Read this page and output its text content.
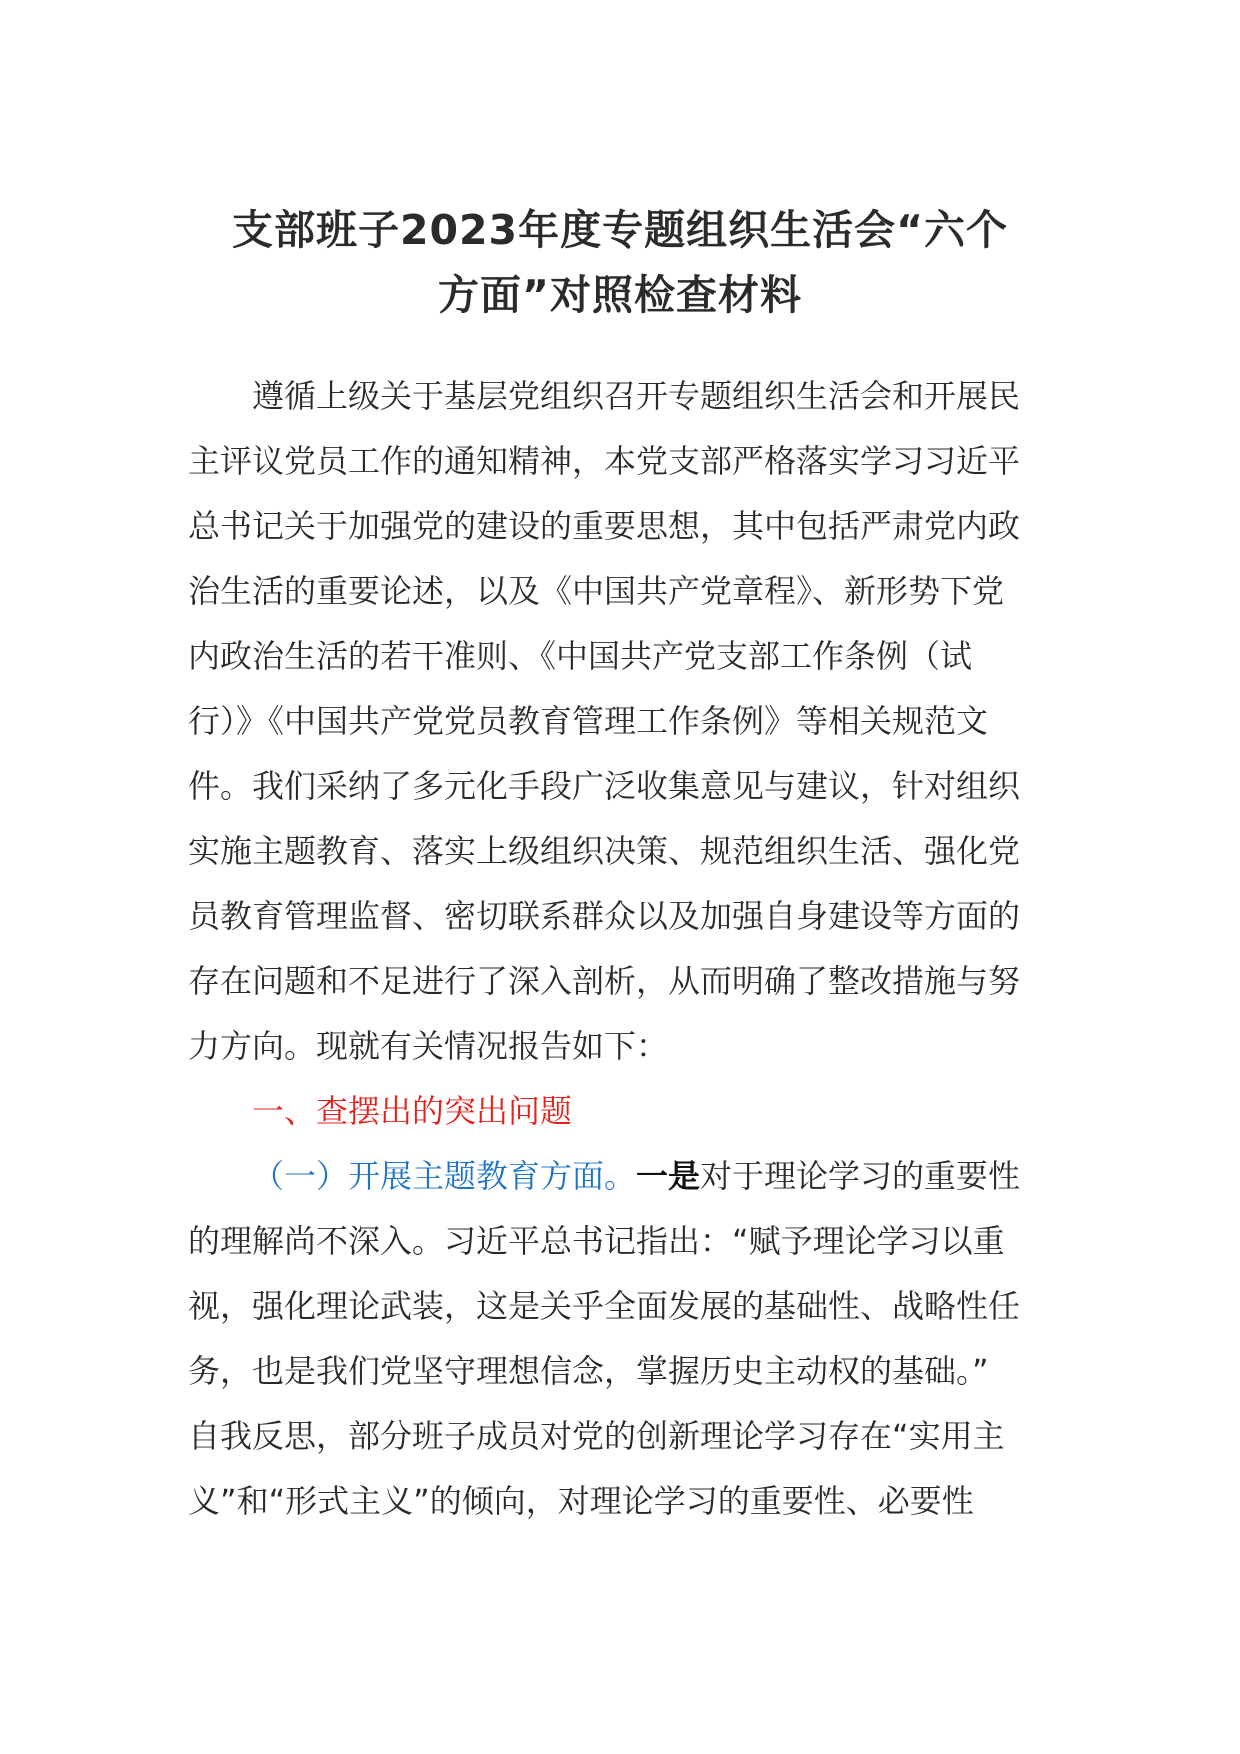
支部班子2023年度专题组织生活会“六个
方面”对照检查材料
遵循上级关于基层党组织召开专题组织生活会和开展民
主评议党员工作的通知精神，本党支部严格落实学习习近平
总书记关于加强党的建设的重要思想，其中包括严肃党内政
治生活的重要论述，以及《中国共产党章程》、新形势下党
内政治生活的若干准则、《中国共产党支部工作条例（试
行）》《中国共产党党员教育管理工作条例》等相关规范文
件。我们采纳了多元化手段广泛收集意见与建议，针对组织
实施主题教育、落实上级组织决策、规范组织生活、强化党
员教育管理监督、密切联系群众以及加强自身建设等方面的
存在问题和不足进行了深入剖析，从而明确了整改措施与努
力方向。现就有关情况报告如下：
一、查摆出的突出问题
（一）开展主题教育方面。一是对于理论学习的重要性
的理解尚不深入。习近平总书记指出：“赋予理论学习以重
视，强化理论武装，这是关乎全面发展的基础性、战略性任
务，也是我们党坚守理想信念，掌握历史主动权的基础。”
自我反思，部分班子成员对党的创新理论学习存在“实用主
义”和“形式主义”的倾向，对理论学习的重要性、必要性
